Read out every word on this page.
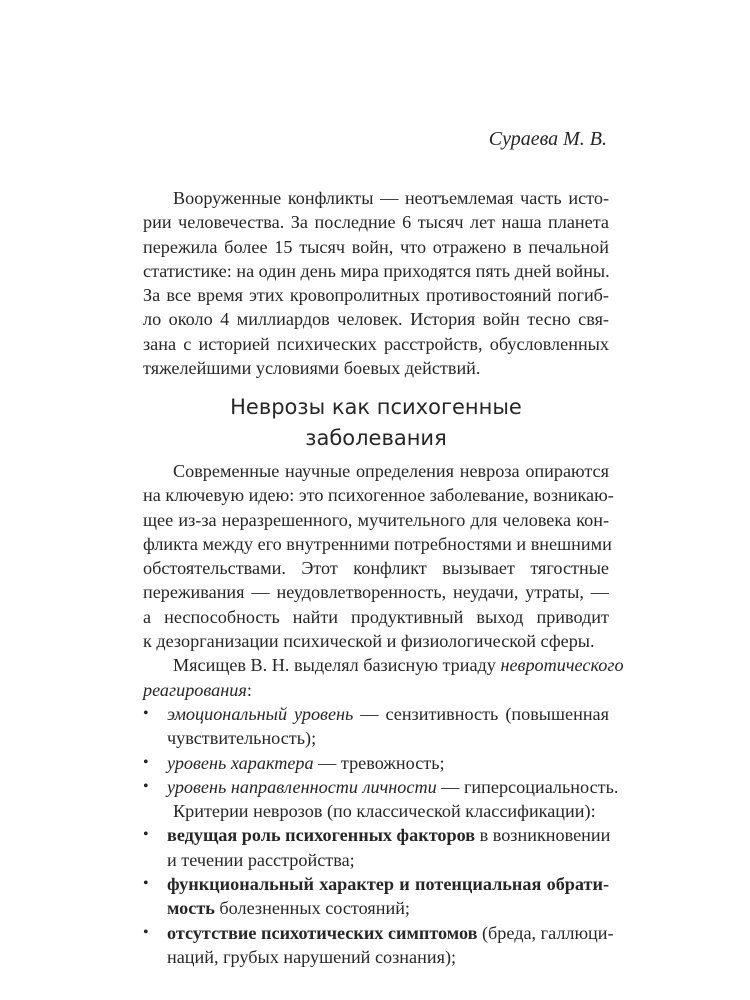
Сураева М. В.
Вооруженные конфликты — неотъемлемая часть исто-
рии человечества. За последние 6 тысяч лет наша планета
пережила более 15 тысяч войн, что отражено в печальной
статистике: на один день мира приходятся пять дней войны.
За все время этих кровопролитных противостояний погиб-
ло около 4 миллиардов человек. История войн тесно свя-
зана с историей психических расстройств, обусловленных
тяжелейшими условиями боевых действий.
Неврозы как психогенные
заболевания
Современные научные определения невроза опираются
на ключевую идею: это психогенное заболевание, возникаю-
щее из-за неразрешенного, мучительного для человека кон-
фликта между его внутренними потребностями и внешними
обстоятельствами. Этот конфликт вызывает тягостные
переживания — неудовлетворенность, неудачи, утраты, —
а неспособность найти продуктивный выход приводит
к дезорганизации психической и физиологической сферы.
Мясищев В. Н. выделял базисную триаду невротического
реагирования:
•	эмоциональный уровень — сензитивность (повышенная
чувствительность);
•	уровень характера — тревожность;
•	уровень направленности личности — гиперсоциальность.
Критерии неврозов (по классической классификации):
•	ведущая роль психогенных факторов в возникновении
и течении расстройства;
•	функциональный характер и потенциальная обрати-
мость болезненных состояний;
•	отсутствие психотических симптомов (бреда, галлюци-
наций, грубых нарушений сознания);
